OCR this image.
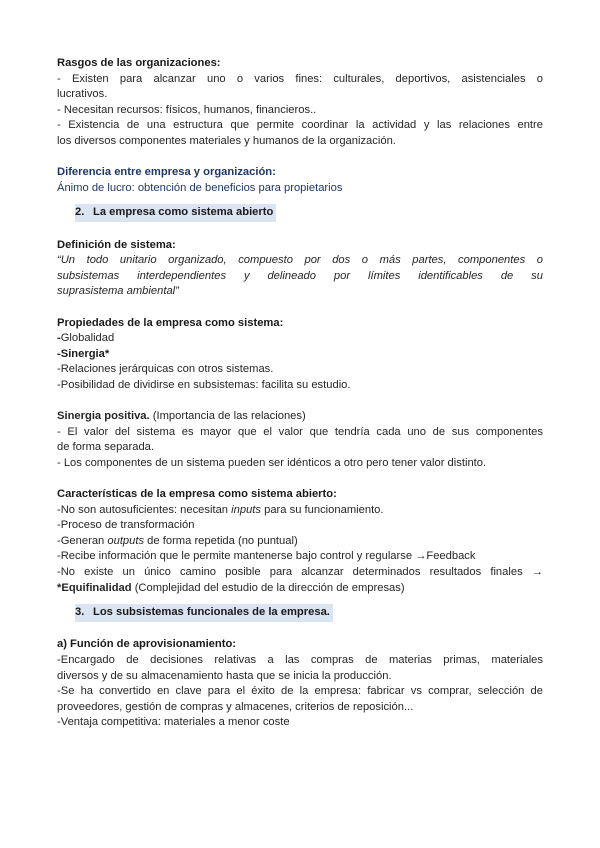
Rasgos de las organizaciones:

- Existen para alcanzar uno o varios fines: culturales, deportivos, asistenciales o

lucrativos.

- Necesitan recursos: físicos, humanos, financieros..

- Existencia de una estructura que permite coordinar la actividad y las relaciones entre

los diversos componentes materiales y humanos de la organización.

Diferencia entre empresa y organización:

Ánimo de lucro: obtención de beneficios para propietarios

2. La empresa como sistema abierto

Definición de sistema:

“Un todo unitario organizado, compuesto por dos o más partes, componentes o

subsistemas interdependientes y delineado por límites identificables de su

suprasistema ambiental”

Propiedades de la empresa como sistema:

-Globalidad

-Sinergia*

-Relaciones jerárquicas con otros sistemas.

-Posibilidad de dividirse en subsistemas: facilita su estudio.

Sinergia positiva. (Importancia de las relaciones)

- El valor del sistema es mayor que el valor que tendría cada uno de sus componentes

de forma separada.

- Los componentes de un sistema pueden ser idénticos a otro pero tener valor distinto.

Características de la empresa como sistema abierto:

-No son autosuficientes: necesitan inputs para su funcionamiento.

-Proceso de transformación

-Generan outputs de forma repetida (no puntual)

-Recibe información que le permite mantenerse bajo control y regularse →Feedback

-No existe un único camino posible para alcanzar determinados resultados finales →

*Equifinalidad (Complejidad del estudio de la dirección de empresas)

3. Los subsistemas funcionales de la empresa.

a) Función de aprovisionamiento:

-Encargado de decisiones relativas a las compras de materias primas, materiales

diversos y de su almacenamiento hasta que se inicia la producción.

-Se ha convertido en clave para el éxito de la empresa: fabricar vs comprar, selección de

proveedores, gestión de compras y almacenes, criterios de reposición...

-Ventaja competitiva: materiales a menor coste
